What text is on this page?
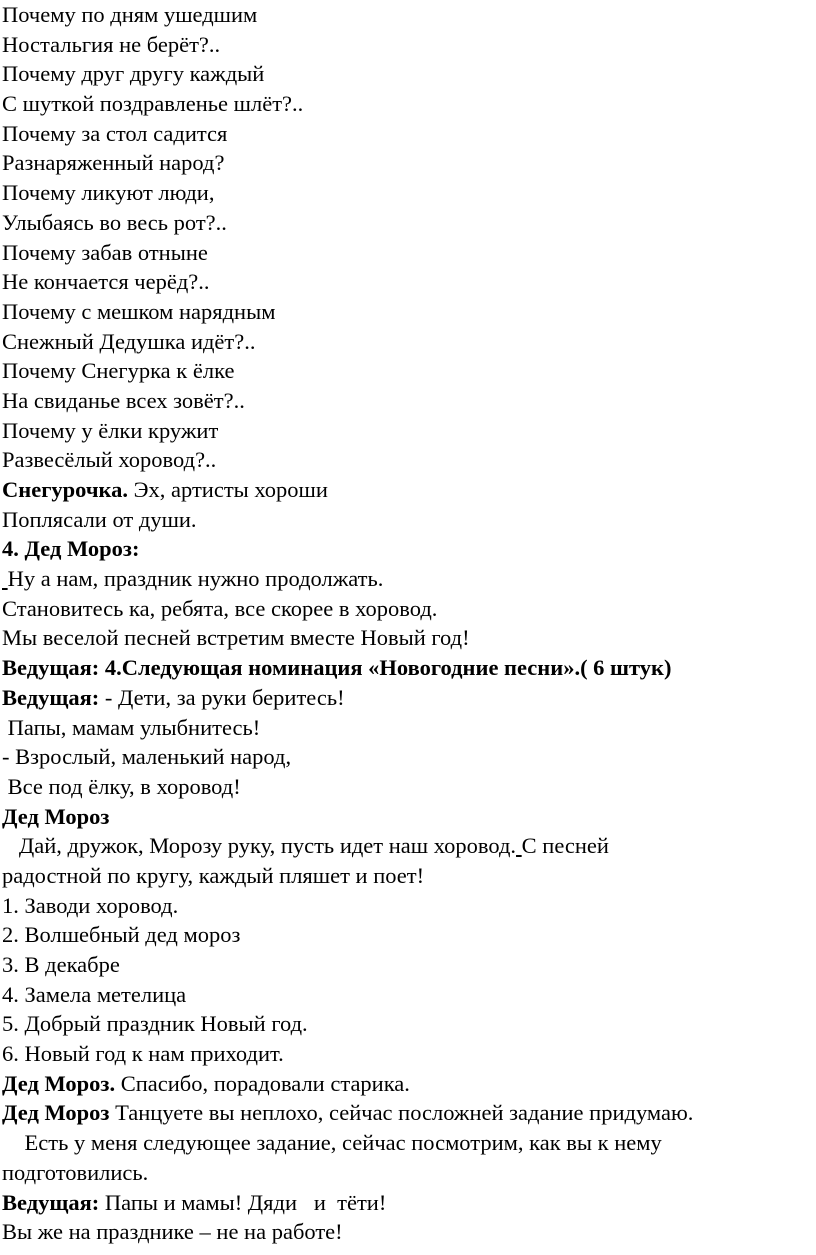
Почему по дням ушедшим
Ностальгия не берёт?..
Почему друг другу каждый
С шуткой поздравленье шлёт?..
Почему за стол садится
Разнаряженный народ?
Почему ликуют люди,
Улыбаясь во весь рот?..
Почему забав отныне
Не кончается черёд?..
Почему с мешком нарядным
Снежный Дедушка идёт?..
Почему Снегурка к ёлке
На свиданье всех зовёт?..
Почему у ёлки кружит
Развесёлый хоровод?..
Снегурочка. Эх, артисты хороши
Поплясали от души.
4. Дед Мороз:
Ну а нам, праздник нужно продолжать.
Становитесь ка, ребята, все скорее в хоровод.
Мы веселой песней встретим вместе Новый год!
Ведущая: 4.Следующая номинация «Новогодние песни».( 6 штук)
Ведущая: - Дети, за руки беритесь!
Папы, мамам улыбнитесь!
- Взрослый, маленький народ,
Все под ёлку, в хоровод!
Дед Мороз
Дай, дружок, Морозу руку, пусть идет наш хоровод. С песней
радостной по кругу, каждый пляшет и поет!
1. Заводи хоровод.
2. Волшебный дед мороз
3. В декабре
4. Замела метелица
5. Добрый праздник Новый год.
6. Новый год к нам приходит.
Дед Мороз. Спасибо, порадовали старика.
Дед Мороз Танцуете вы неплохо, сейчас посложней задание придумаю.
Есть у меня следующее задание, сейчас посмотрим, как вы к нему
подготовились.
Ведущая: Папы и мамы! Дяди   и  тёти!
Вы же на празднике – не на работе!
